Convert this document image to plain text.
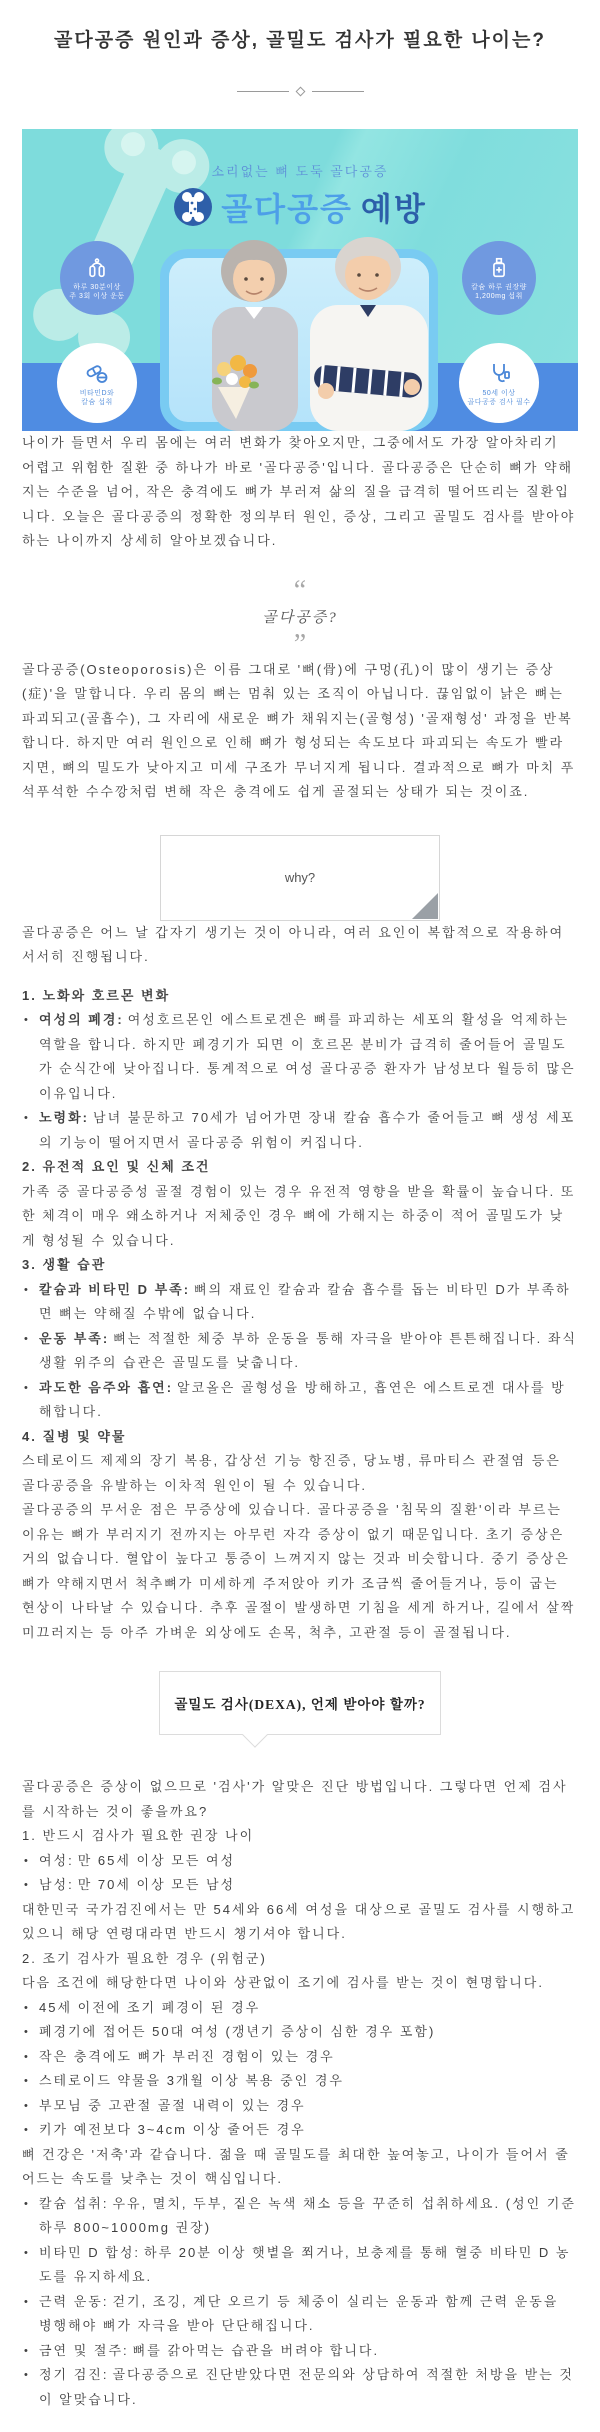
골다공증 원인과 증상, 골밀도 검사가 필요한 나이는?
소리없는 뼈 도둑 골다공증
골다공증 예방
하루 30분이상
주 3회 이상 운동
칼슘 하루 권장량
1,200mg 섭취
비타민D와
칼슘 섭취
50세 이상
골다공증 검사 필수

나이가 들면서 우리 몸에는 여러 변화가 찾아오지만, 그중에서도 가장 알아차리기 어렵고 위험한 질환 중 하나가 바로 '골다공증'입니다. 골다공증은 단순히 뼈가 약해지는 수준을 넘어, 작은 충격에도 뼈가 부러져 삶의 질을 급격히 떨어뜨리는 질환입니다. 오늘은 골다공증의 정확한 정의부터 원인, 증상, 그리고 골밀도 검사를 받아야 하는 나이까지 상세히 알아보겠습니다.

“
골다공증?
”

골다공증(Osteoporosis)은 이름 그대로 '뼈(骨)에 구멍(孔)이 많이 생기는 증상(症)'을 말합니다. 우리 몸의 뼈는 멈춰 있는 조직이 아닙니다. 끊임없이 낡은 뼈는 파괴되고(골흡수), 그 자리에 새로운 뼈가 채워지는(골형성) '골재형성' 과정을 반복합니다. 하지만 여러 원인으로 인해 뼈가 형성되는 속도보다 파괴되는 속도가 빨라지면, 뼈의 밀도가 낮아지고 미세 구조가 무너지게 됩니다. 결과적으로 뼈가 마치 푸석푸석한 수수깡처럼 변해 작은 충격에도 쉽게 골절되는 상태가 되는 것이죠.

why?

골다공증은 어느 날 갑자기 생기는 것이 아니라, 여러 요인이 복합적으로 작용하여 서서히 진행됩니다.

1. 노화와 호르몬 변화
• 여성의 폐경: 여성호르몬인 에스트로겐은 뼈를 파괴하는 세포의 활성을 억제하는 역할을 합니다. 하지만 폐경기가 되면 이 호르몬 분비가 급격히 줄어들어 골밀도가 순식간에 낮아집니다. 통계적으로 여성 골다공증 환자가 남성보다 월등히 많은 이유입니다.
• 노령화: 남녀 불문하고 70세가 넘어가면 장내 칼슘 흡수가 줄어들고 뼈 생성 세포의 기능이 떨어지면서 골다공증 위험이 커집니다.
2. 유전적 요인 및 신체 조건

가족 중 골다공증성 골절 경험이 있는 경우 유전적 영향을 받을 확률이 높습니다. 또한 체격이 매우 왜소하거나 저체중인 경우 뼈에 가해지는 하중이 적어 골밀도가 낮게 형성될 수 있습니다.

3. 생활 습관
• 칼슘과 비타민 D 부족: 뼈의 재료인 칼슘과 칼슘 흡수를 돕는 비타민 D가 부족하면 뼈는 약해질 수밖에 없습니다.
• 운동 부족: 뼈는 적절한 체중 부하 운동을 통해 자극을 받아야 튼튼해집니다. 좌식 생활 위주의 습관은 골밀도를 낮춥니다.
• 과도한 음주와 흡연: 알코올은 골형성을 방해하고, 흡연은 에스트로겐 대사를 방해합니다.
4. 질병 및 약물

스테로이드 제제의 장기 복용, 갑상선 기능 항진증, 당뇨병, 류마티스 관절염 등은 골다공증을 유발하는 이차적 원인이 될 수 있습니다.

골다공증의 무서운 점은 무증상에 있습니다. 골다공증을 '침묵의 질환'이라 부르는 이유는 뼈가 부러지기 전까지는 아무런 자각 증상이 없기 때문입니다. 초기 증상은 거의 없습니다. 혈압이 높다고 통증이 느껴지지 않는 것과 비슷합니다. 중기 증상은 뼈가 약해지면서 척추뼈가 미세하게 주저앉아 키가 조금씩 줄어들거나, 등이 굽는 현상이 나타날 수 있습니다. 추후 골절이 발생하면 기침을 세게 하거나, 길에서 살짝 미끄러지는 등 아주 가벼운 외상에도 손목, 척추, 고관절 등이 골절됩니다.

골밀도 검사(DEXA), 언제 받아야 할까?

골다공증은 증상이 없으므로 '검사'가 알맞은 진단 방법입니다. 그렇다면 언제 검사를 시작하는 것이 좋을까요?

1. 반드시 검사가 필요한 권장 나이
• 여성: 만 65세 이상 모든 여성
• 남성: 만 70세 이상 모든 남성

대한민국 국가검진에서는 만 54세와 66세 여성을 대상으로 골밀도 검사를 시행하고 있으니 해당 연령대라면 반드시 챙기셔야 합니다.

2. 조기 검사가 필요한 경우 (위험군)

다음 조건에 해당한다면 나이와 상관없이 조기에 검사를 받는 것이 현명합니다.

• 45세 이전에 조기 폐경이 된 경우
• 폐경기에 접어든 50대 여성 (갱년기 증상이 심한 경우 포함)
• 작은 충격에도 뼈가 부러진 경험이 있는 경우
• 스테로이드 약물을 3개월 이상 복용 중인 경우
• 부모님 중 고관절 골절 내력이 있는 경우
• 키가 예전보다 3~4cm 이상 줄어든 경우

뼈 건강은 '저축'과 같습니다. 젊을 때 골밀도를 최대한 높여놓고, 나이가 들어서 줄어드는 속도를 낮추는 것이 핵심입니다.

• 칼슘 섭취: 우유, 멸치, 두부, 짙은 녹색 채소 등을 꾸준히 섭취하세요. (성인 기준 하루 800~1000mg 권장)
• 비타민 D 합성: 하루 20분 이상 햇볕을 쬐거나, 보충제를 통해 혈중 비타민 D 농도를 유지하세요.
• 근력 운동: 걷기, 조깅, 계단 오르기 등 체중이 실리는 운동과 함께 근력 운동을 병행해야 뼈가 자극을 받아 단단해집니다.
• 금연 및 절주: 뼈를 갉아먹는 습관을 버려야 합니다.
• 정기 검진: 골다공증으로 진단받았다면 전문의와 상담하여 적절한 처방을 받는 것이 알맞습니다.
